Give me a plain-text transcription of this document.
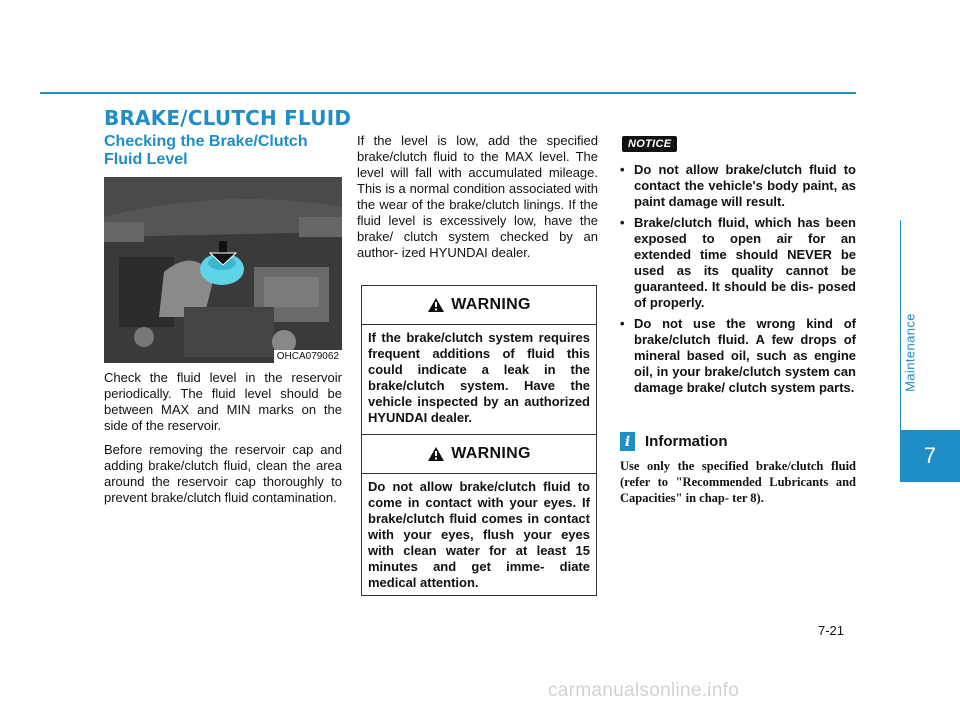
BRAKE/CLUTCH FLUID
Checking the Brake/Clutch Fluid Level
OHCA079062

Check the fluid level in the reservoir periodically. The fluid level should be between MAX and MIN marks on the side of the reservoir.

Before removing the reservoir cap and adding brake/clutch fluid, clean the area around the reservoir cap thoroughly to prevent brake/clutch fluid contamination.

If the level is low, add the specified brake/clutch fluid to the MAX level. The level will fall with accumulated mileage. This is a normal condition associated with the wear of the brake/clutch linings. If the fluid level is excessively low, have the brake/ clutch system checked by an author- ized HYUNDAI dealer.

WARNING
If the brake/clutch system requires frequent additions of fluid this could indicate a leak in the brake/clutch system. Have the vehicle inspected by an authorized HYUNDAI dealer.
WARNING
Do not allow brake/clutch fluid to come in contact with your eyes. If brake/clutch fluid comes in contact with your eyes, flush your eyes with clean water for at least 15 minutes and get imme- diate medical attention.
NOTICE
• Do not allow brake/clutch fluid to contact the vehicle's body paint, as paint damage will result.
• Brake/clutch fluid, which has been exposed to open air for an extended time should NEVER be used as its quality cannot be guaranteed. It should be dis- posed of properly.
• Do not use the wrong kind of brake/clutch fluid. A few drops of mineral based oil, such as engine oil, in your brake/clutch system can damage brake/ clutch system parts.
i Information

Use only the specified brake/clutch fluid (refer to "Recommended Lubricants and Capacities" in chap- ter 8).

Maintenance
7
7-21
carmanualsonline.info
